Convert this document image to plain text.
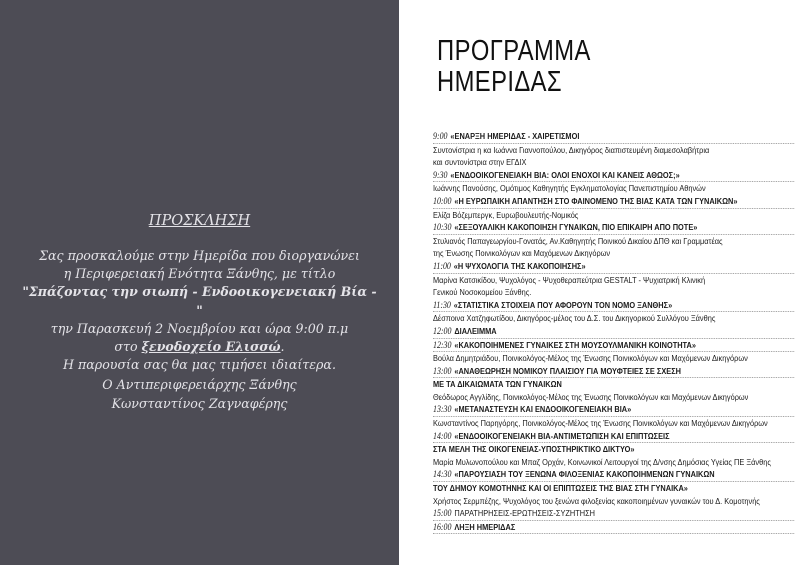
ΠΡΟΣΚΛΗΣΗ
Σας προσκαλούμε στην Ημερίδα που διοργανώνει
η Περιφερειακή Ενότητα Ξάνθης, με τίτλο
"Σπάζοντας την σιωπή - Ενδοοικογενειακή Βία - "
την Παρασκευή 2 Νοεμβρίου και ώρα 9:00 π.μ
στο ξενοδοχείο Ελισσώ.
Η παρουσία σας θα μας τιμήσει ιδιαίτερα.
Ο Αντιπεριφερειάρχης Ξάνθης
Κωνσταντίνος Ζαγναφέρης
ΠΡΟΓΡΑΜΜΑ
ΗΜΕΡΙΔΑΣ
9:00 «ΕΝΑΡΞΗ ΗΜΕΡΙΔΑΣ - ΧΑΙΡΕΤΙΣΜΟΙ
Συντονίστρια η κα Ιωάννα Γιαννοπούλου, Δικηγόρος διαπιστευμένη διαμεσολαβήτρια
και συντονίστρια στην ΕΓΔΙΧ
9:30 «ΕΝΔΟΟΙΚΟΓΕΝΕΙΑΚΗ ΒΙΑ: ΟΛΟΙ ΕΝΟΧΟΙ ΚΑΙ ΚΑΝΕΙΣ ΑΘΩΟΣ;»
Ιωάννης Πανούσης, Ομότιμος Καθηγητής Εγκληματολογίας Πανεπιστημίου Αθηνών
10:00 «Η ΕΥΡΩΠΑΙΚΗ ΑΠΑΝΤΗΣΗ ΣΤΟ ΦΑΙΝΟΜΕΝΟ ΤΗΣ ΒΙΑΣ ΚΑΤΑ ΤΩΝ ΓΥΝΑΙΚΩΝ»
Ελίζα Βόζεμπεργκ, Ευρωβουλευτής-Νομικός
10:30 «ΣΕΞΟΥΑΛΙΚΗ ΚΑΚΟΠΟΙΗΣΗ ΓΥΝΑΙΚΩΝ, ΠΙΟ ΕΠΙΚΑΙΡΗ ΑΠΟ ΠΟΤΕ»
Στυλιανός Παπαγεωργίου-Γονατάς, Αν.Καθηγητής Ποινικού Δικαίου ΔΠΘ και Γραμματέας
της Ένωσης Ποινικολόγων και Μαχόμενων Δικηγόρων
11:00 «Η ΨΥΧΟΛΟΓΙΑ ΤΗΣ ΚΑΚΟΠΟΙΗΣΗΣ»
Μαρίνα Κατσικίδου, Ψυχολόγος - Ψυχοθεραπεύτρια GESTALT - Ψυχιατρική Κλινική
Γενικού Νοσοκομείου Ξάνθης.
11:30 «ΣΤΑΤΙΣΤΙΚΑ ΣΤΟΙΧΕΙΑ ΠΟΥ ΑΦΟΡΟΥΝ ΤΟΝ ΝΟΜΟ ΞΑΝΘΗΣ»
Δέσποινα Χατζηφωτίδου, Δικηγόρος-μέλος του Δ.Σ. του Δικηγορικού Συλλόγου Ξάνθης
12:00 ΔΙΑΛΕΙΜΜΑ
12:30 «ΚΑΚΟΠΟΙΗΜΕΝΕΣ ΓΥΝΑΙΚΕΣ ΣΤΗ ΜΟΥΣΟΥΛΜΑΝΙΚΗ ΚΟΙΝΟΤΗΤΑ»
Βούλα Δημητριάδου, Ποινικολόγος-Μέλος της Ένωσης Ποινικολόγων και Μαχόμενων Δικηγόρων
13:00 «ΑΝΑΘΕΩΡΗΣΗ ΝΟΜΙΚΟΥ ΠΛΑΙΣΙΟΥ ΓΙΑ ΜΟΥΦΤΕΙΕΣ ΣΕ ΣΧΕΣΗ
ΜΕ ΤΑ ΔΙΚΑΙΩΜΑΤΑ ΤΩΝ ΓΥΝΑΙΚΩΝ
Θεόδωρος Αγγλίδης, Ποινικολόγος-Μέλος της Ένωσης Ποινικολόγων και Μαχόμενων Δικηγόρων
13:30 «ΜΕΤΑΝΑΣΤΕΥΣΗ ΚΑΙ ΕΝΔΟΟΙΚΟΓΕΝΕΙΑΚΗ ΒΙΑ»
Κωνσταντίνος Παρηγόρης, Ποινικολόγος-Μέλος της Ένωσης Ποινικολόγων και Μαχόμενων Δικηγόρων
14:00 «ΕΝΔΟΟΙΚΟΓΕΝΕΙΑΚΗ ΒΙΑ-ΑΝΤΙΜΕΤΩΠΙΣΗ ΚΑΙ ΕΠΙΠΤΩΣΕΙΣ
ΣΤΑ ΜΕΛΗ ΤΗΣ ΟΙΚΟΓΕΝΕΙΑΣ-ΥΠΟΣΤΗΡΙΚΤΙΚΟ ΔΙΚΤΥΟ»
Μαρία Μυλωνοπούλου και Μπαζ Ορχάν, Κοινωνικοί Λειτουργοί της Δ/νσης Δημόσιας Υγείας ΠΕ Ξάνθης
14:30 «ΠΑΡΟΥΣΙΑΣΗ ΤΟΥ ΞΕΝΩΝΑ ΦΙΛΟΞΕΝΙΑΣ ΚΑΚΟΠΟΙΗΜΕΝΩΝ ΓΥΝΑΙΚΩΝ
ΤΟΥ ΔΗΜΟΥ ΚΟΜΟΤΗΝΗΣ ΚΑΙ ΟΙ ΕΠΙΠΤΩΣΕΙΣ ΤΗΣ ΒΙΑΣ ΣΤΗ ΓΥΝΑΙΚΑ»
Χρήστος Σερμπέζης, Ψυχολόγος του ξενώνα φιλοξενίας κακοποιημένων γυναικών του Δ. Κομοτηνής
15:00 ΠΑΡΑΤΗΡΗΣΕΙΣ-ΕΡΩΤΗΣΕΙΣ-ΣΥΖΗΤΗΣΗ
16:00 ΛΗΞΗ ΗΜΕΡΙΔΑΣ
